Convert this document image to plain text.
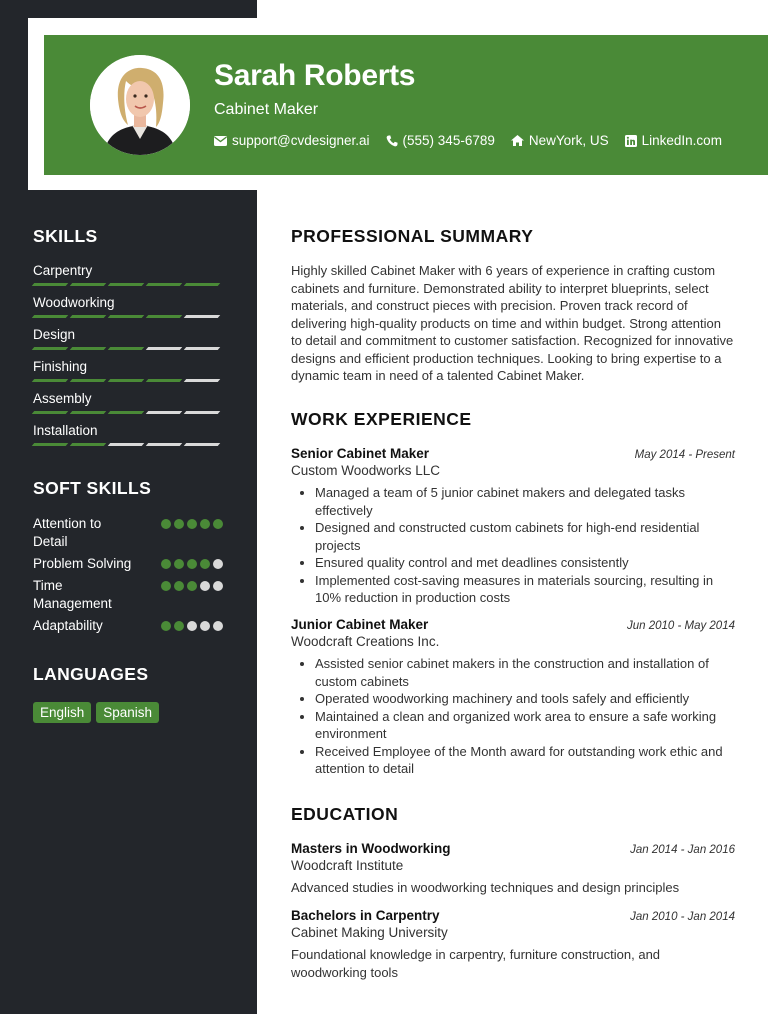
Sarah Roberts
Cabinet Maker
support@cvdesigner.ai (555) 345-6789	NewYork, US LinkedIn.com
SKILLS
Carpentry
Woodworking
Design
Finishing
Assembly
Installation
SOFT SKILLS
Attention to Detail
Problem Solving
Time Management
Adaptability
LANGUAGES
English	Spanish
PROFESSIONAL SUMMARY

Highly skilled Cabinet Maker with 6 years of experience in crafting custom cabinets and furniture. Demonstrated ability to interpret blueprints, select materials, and construct pieces with precision. Proven track record of delivering high-quality products on time and within budget. Strong attention to detail and commitment to customer satisfaction. Recognized for innovative designs and efficient production techniques. Looking to bring expertise to a dynamic team in need of a talented Cabinet Maker.

WORK EXPERIENCE
Senior Cabinet Maker	May 2014 - Present
Custom Woodworks LLC
• Managed a team of 5 junior cabinet makers and delegated tasks effectively
• Designed and constructed custom cabinets for high-end residential projects
• Ensured quality control and met deadlines consistently
• Implemented cost-saving measures in materials sourcing, resulting in 10% reduction in production costs
Junior Cabinet Maker	Jun 2010 - May 2014
Woodcraft Creations Inc.
• Assisted senior cabinet makers in the construction and installation of custom cabinets
• Operated woodworking machinery and tools safely and efficiently
• Maintained a clean and organized work area to ensure a safe working environment
• Received Employee of the Month award for outstanding work ethic and attention to detail
EDUCATION
Masters in Woodworking	Jan 2014 - Jan 2016
Woodcraft Institute

Advanced studies in woodworking techniques and design principles

Bachelors in Carpentry	Jan 2010 - Jan 2014
Cabinet Making University

Foundational knowledge in carpentry, furniture construction, and woodworking tools
